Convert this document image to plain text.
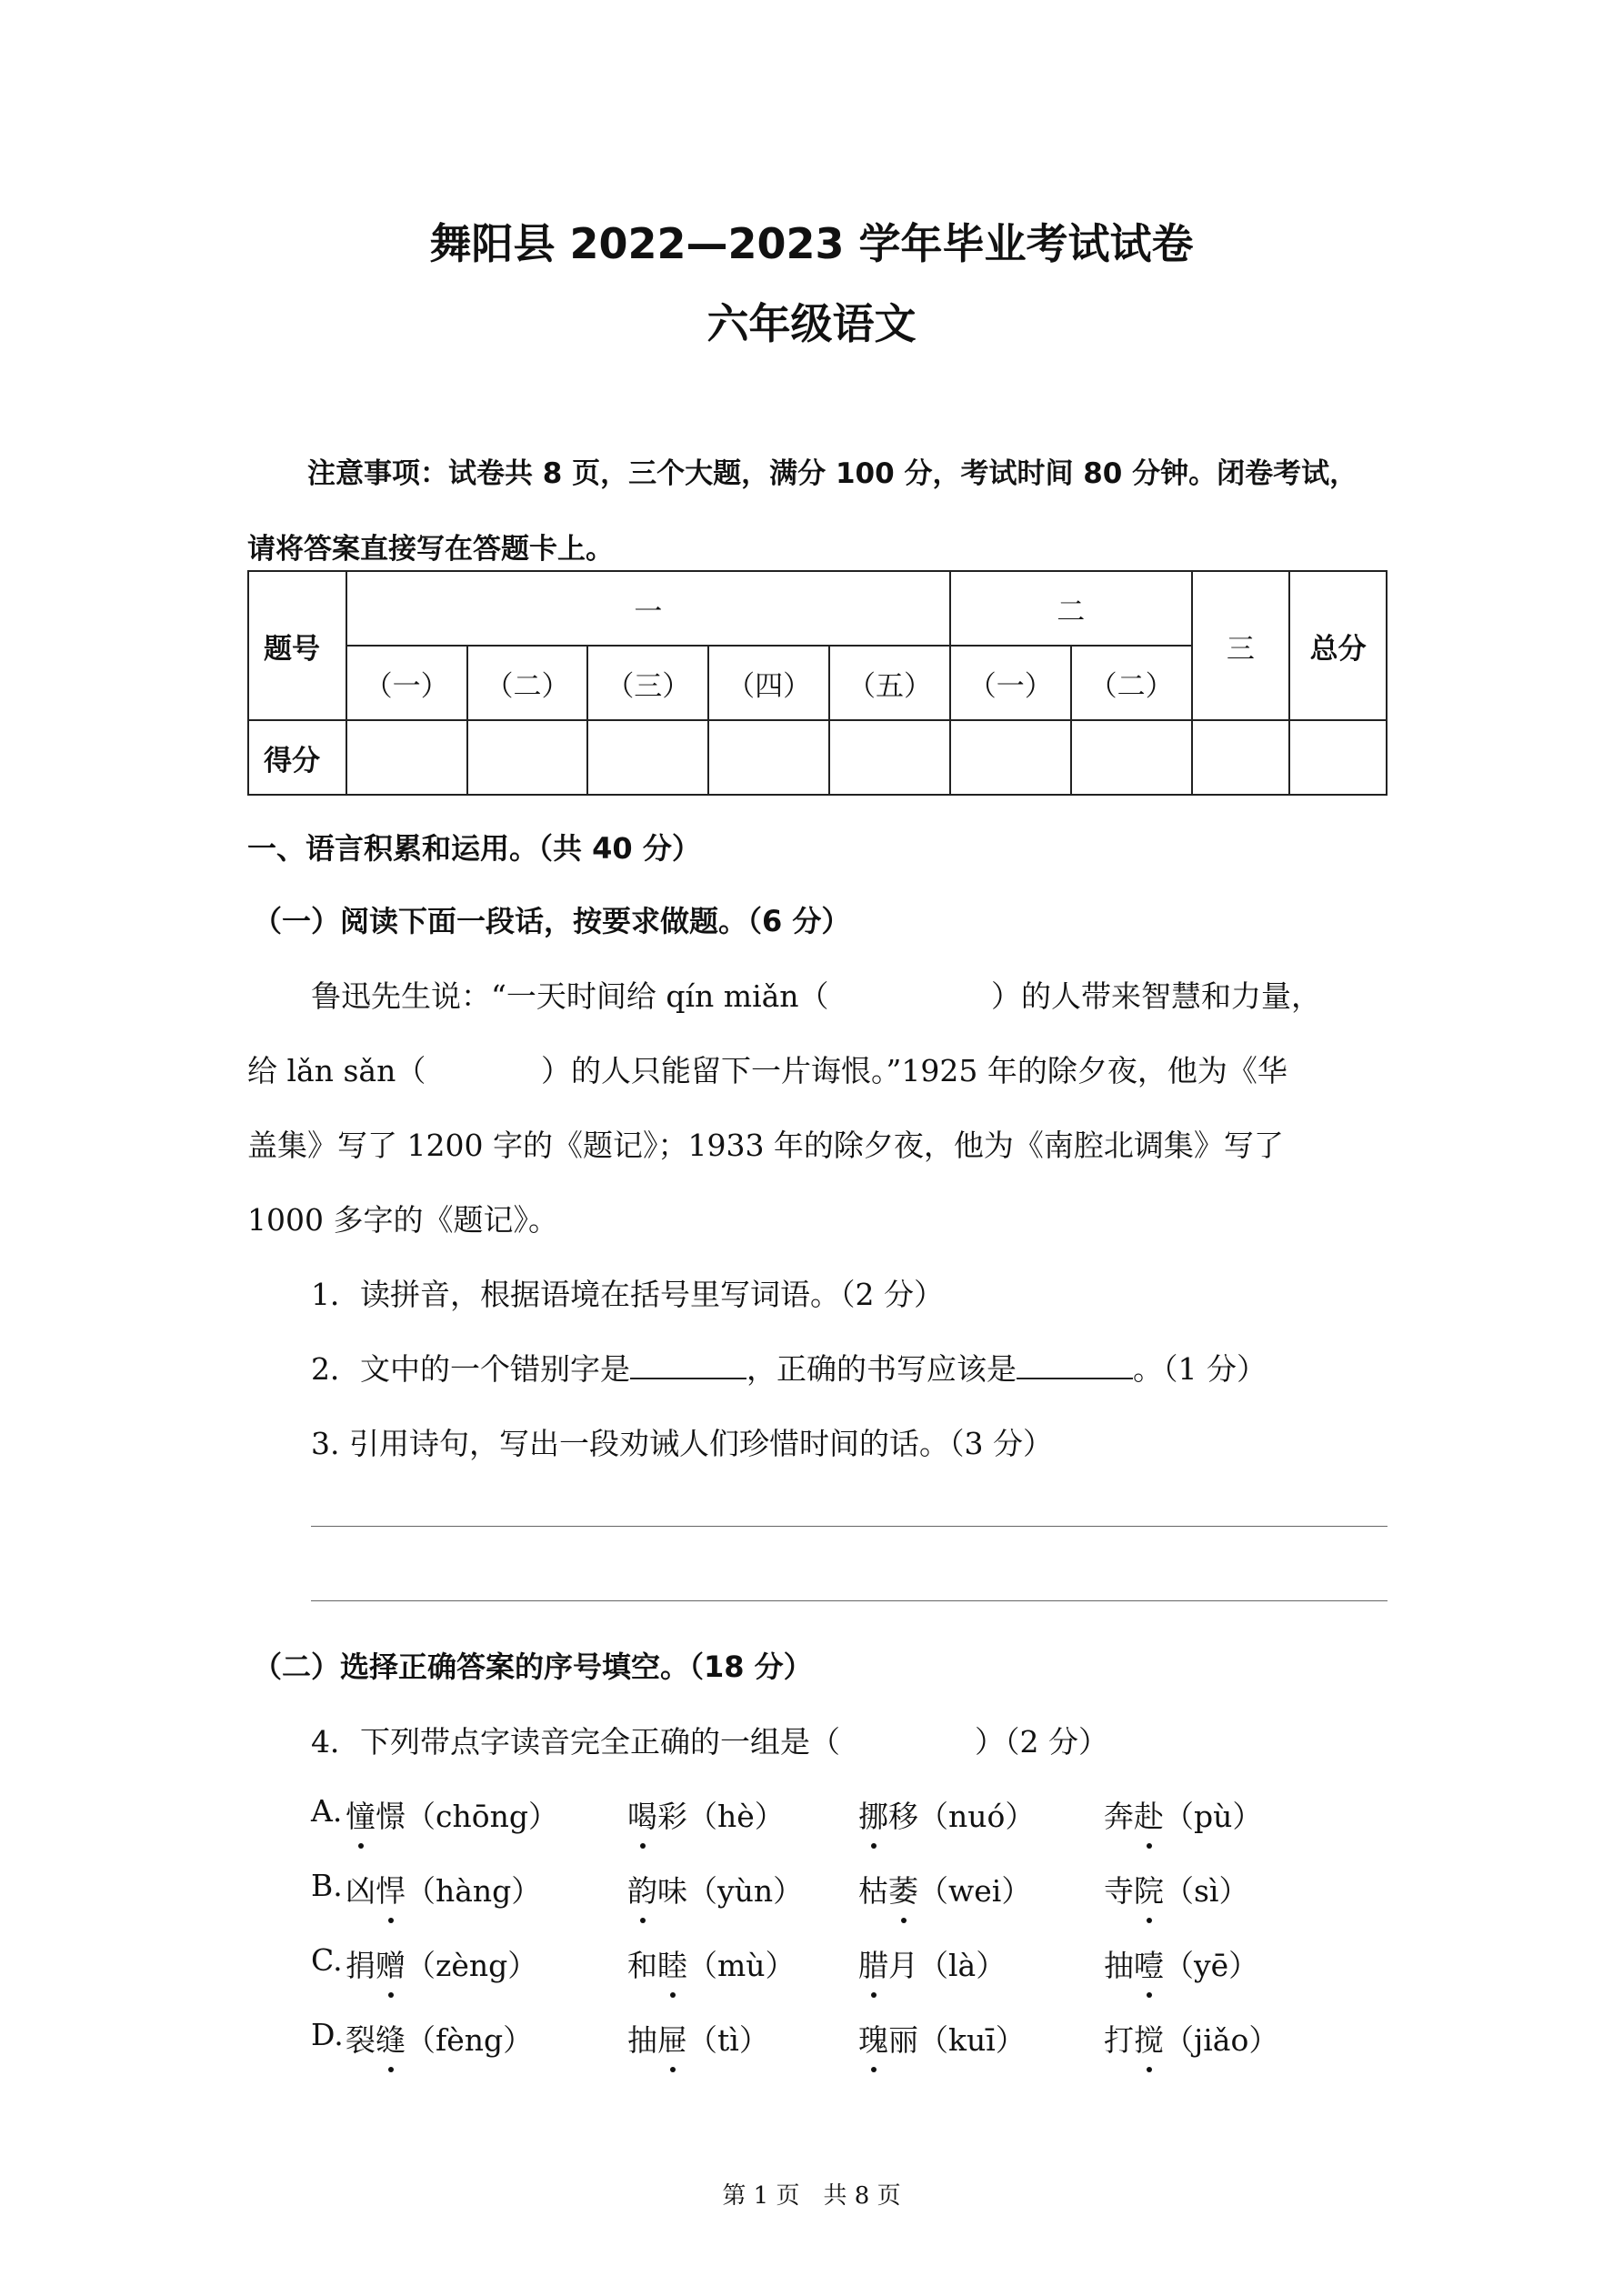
舞阳县 2022—2023 学年毕业考试试卷
六年级语文
注意事项：试卷共 8 页，三个大题，满分 100 分，考试时间 80 分钟。闭卷考试，
请将答案直接写在答题卡上。
题号	一					二		三	总分
	（一）	（二）	（三）	（四）	（五）	（一）	（二）		
得分									
一、语言积累和运用。（共 40 分）
（一）阅读下面一段话，按要求做题。（6 分）
鲁迅先生说：“一天时间给 qín miǎn（	）的人带来智慧和力量，
给 lǎn sǎn（	）的人只能留下一片诲恨。”1925 年的除夕夜，他为《华
盖集》写了 1200 字的《题记》；1933 年的除夕夜，他为《南腔北调集》写了
1000 多字的《题记》。
1．读拼音，根据语境在括号里写词语。（2 分）
2．文中的一个错别字是	，正确的书写应该是	。（1 分）
3. 引用诗句，写出一段劝诫人们珍惜时间的话。（3 分）
（二）选择正确答案的序号填空。（18 分）
4．下列带点字读音完全正确的一组是（	）（2 分）
A. 憧憬（chōng） 喝彩（hè） 挪移（nuó） 奔赴（pù）
B. 凶悍（hàng）	韵味（yùn） 枯萎（wei） 寺院（sì）
C. 捐赠（zèng）	和睦（mù） 腊月（là）	抽噎（yē）
D. 裂缝（fèng）	抽屉（tì）	瑰丽（kuī）	打搅（jiǎo）
第 1 页　共 8 页
